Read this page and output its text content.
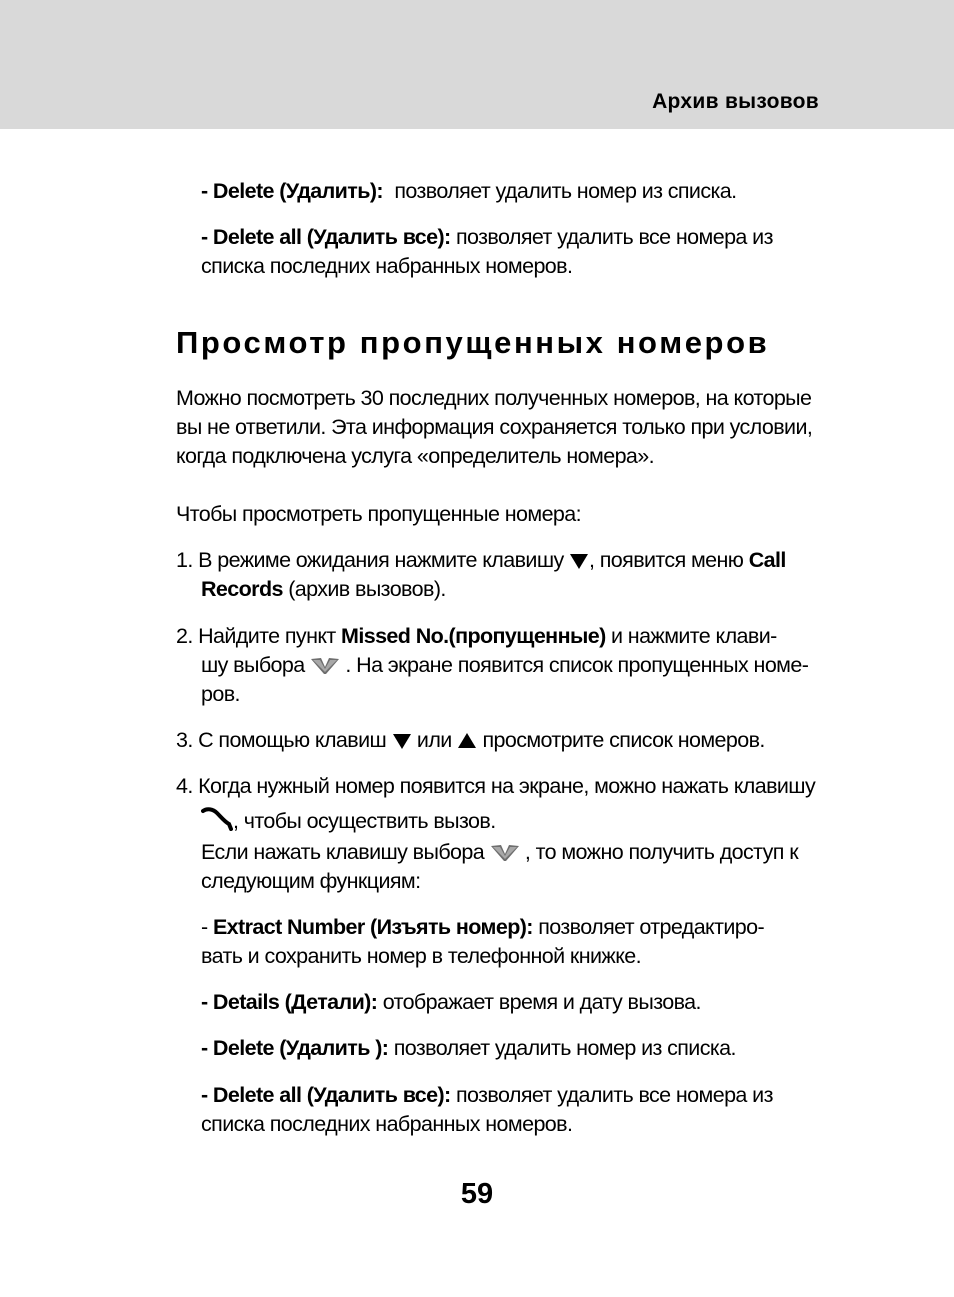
Архив вызовов
- Delete (Удалить): позволяет удалить номер из списка.
- Delete all (Удалить все): позволяет удалить все номера из
списка последних набранных номеров.
Просмотр пропущенных номеров
Можно посмотреть 30 последних полученных номеров, на которые
вы не ответили. Эта информация сохраняется только при условии,
когда подключена услуга «определитель номера».
Чтобы просмотреть пропущенные номера:
1. В режиме ожидания нажмите клавишу , появится меню Call
Records (архив вызовов).
2. Найдите пункт Missed No.(пропущенные) и нажмите клави-
шу выбора . На экране появится список пропущенных номе-
ров.
3. С помощью клавиш или просмотрите список номеров.
4. Когда нужный номер появится на экране, можно нажать клавишу
, чтобы осуществить вызов.
Если нажать клавишу выбора , то можно получить доступ к
следующим функциям:
- Extract Number (Изъять номер): позволяет отредактиро-
вать и сохранить номер в телефонной книжке.
- Details (Детали): отображает время и дату вызова.
- Delete (Удалить ): позволяет удалить номер из списка.
- Delete all (Удалить все): позволяет удалить все номера из
списка последних набранных номеров.
59
